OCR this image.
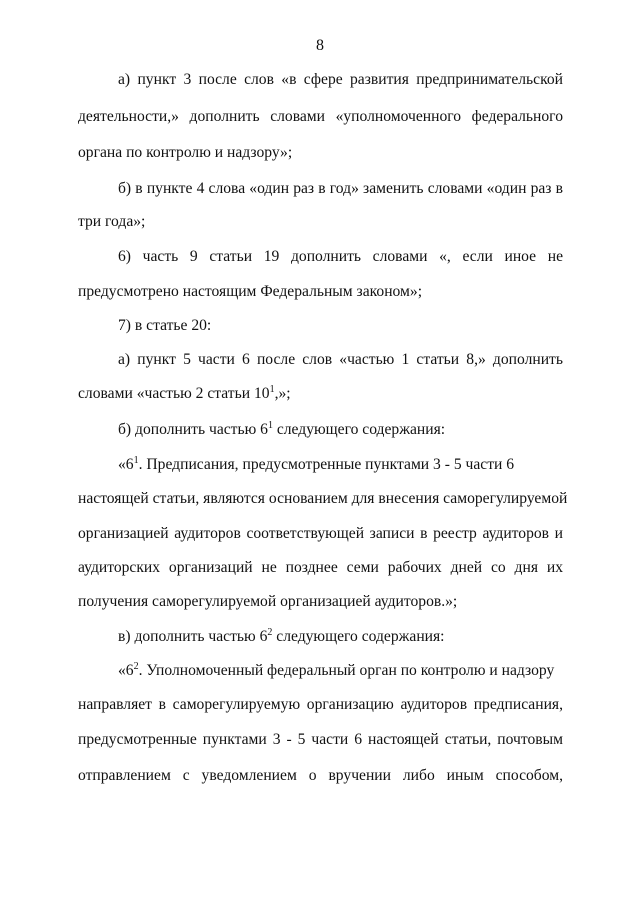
8
а) пункт 3 после слов «в сфере развития предпринимательской
деятельности,» дополнить словами «уполномоченного федерального
органа по контролю и надзору»;
б) в пункте 4 слова «один раз в год» заменить словами «один раз в
три года»;
6) часть 9 статьи 19 дополнить словами «, если иное не
предусмотрено настоящим Федеральным законом»;
7) в статье 20:
а) пункт 5 части 6 после слов «частью 1 статьи 8,» дополнить
словами «частью 2 статьи $10^1$,»;
б) дополнить частью $6^1$ следующего содержания:
«$6^1$. Предписания, предусмотренные пунктами 3 - 5 части 6
настоящей статьи, являются основанием для внесения саморегулируемой
организацией аудиторов соответствующей записи в реестр аудиторов и
аудиторских организаций не позднее семи рабочих дней со дня их
получения саморегулируемой организацией аудиторов.»;
в) дополнить частью $6^2$ следующего содержания:
«$6^2$. Уполномоченный федеральный орган по контролю и надзору
направляет в саморегулируемую организацию аудиторов предписания,
предусмотренные пунктами 3 - 5 части 6 настоящей статьи, почтовым
отправлением с уведомлением о вручении либо иным способом,
